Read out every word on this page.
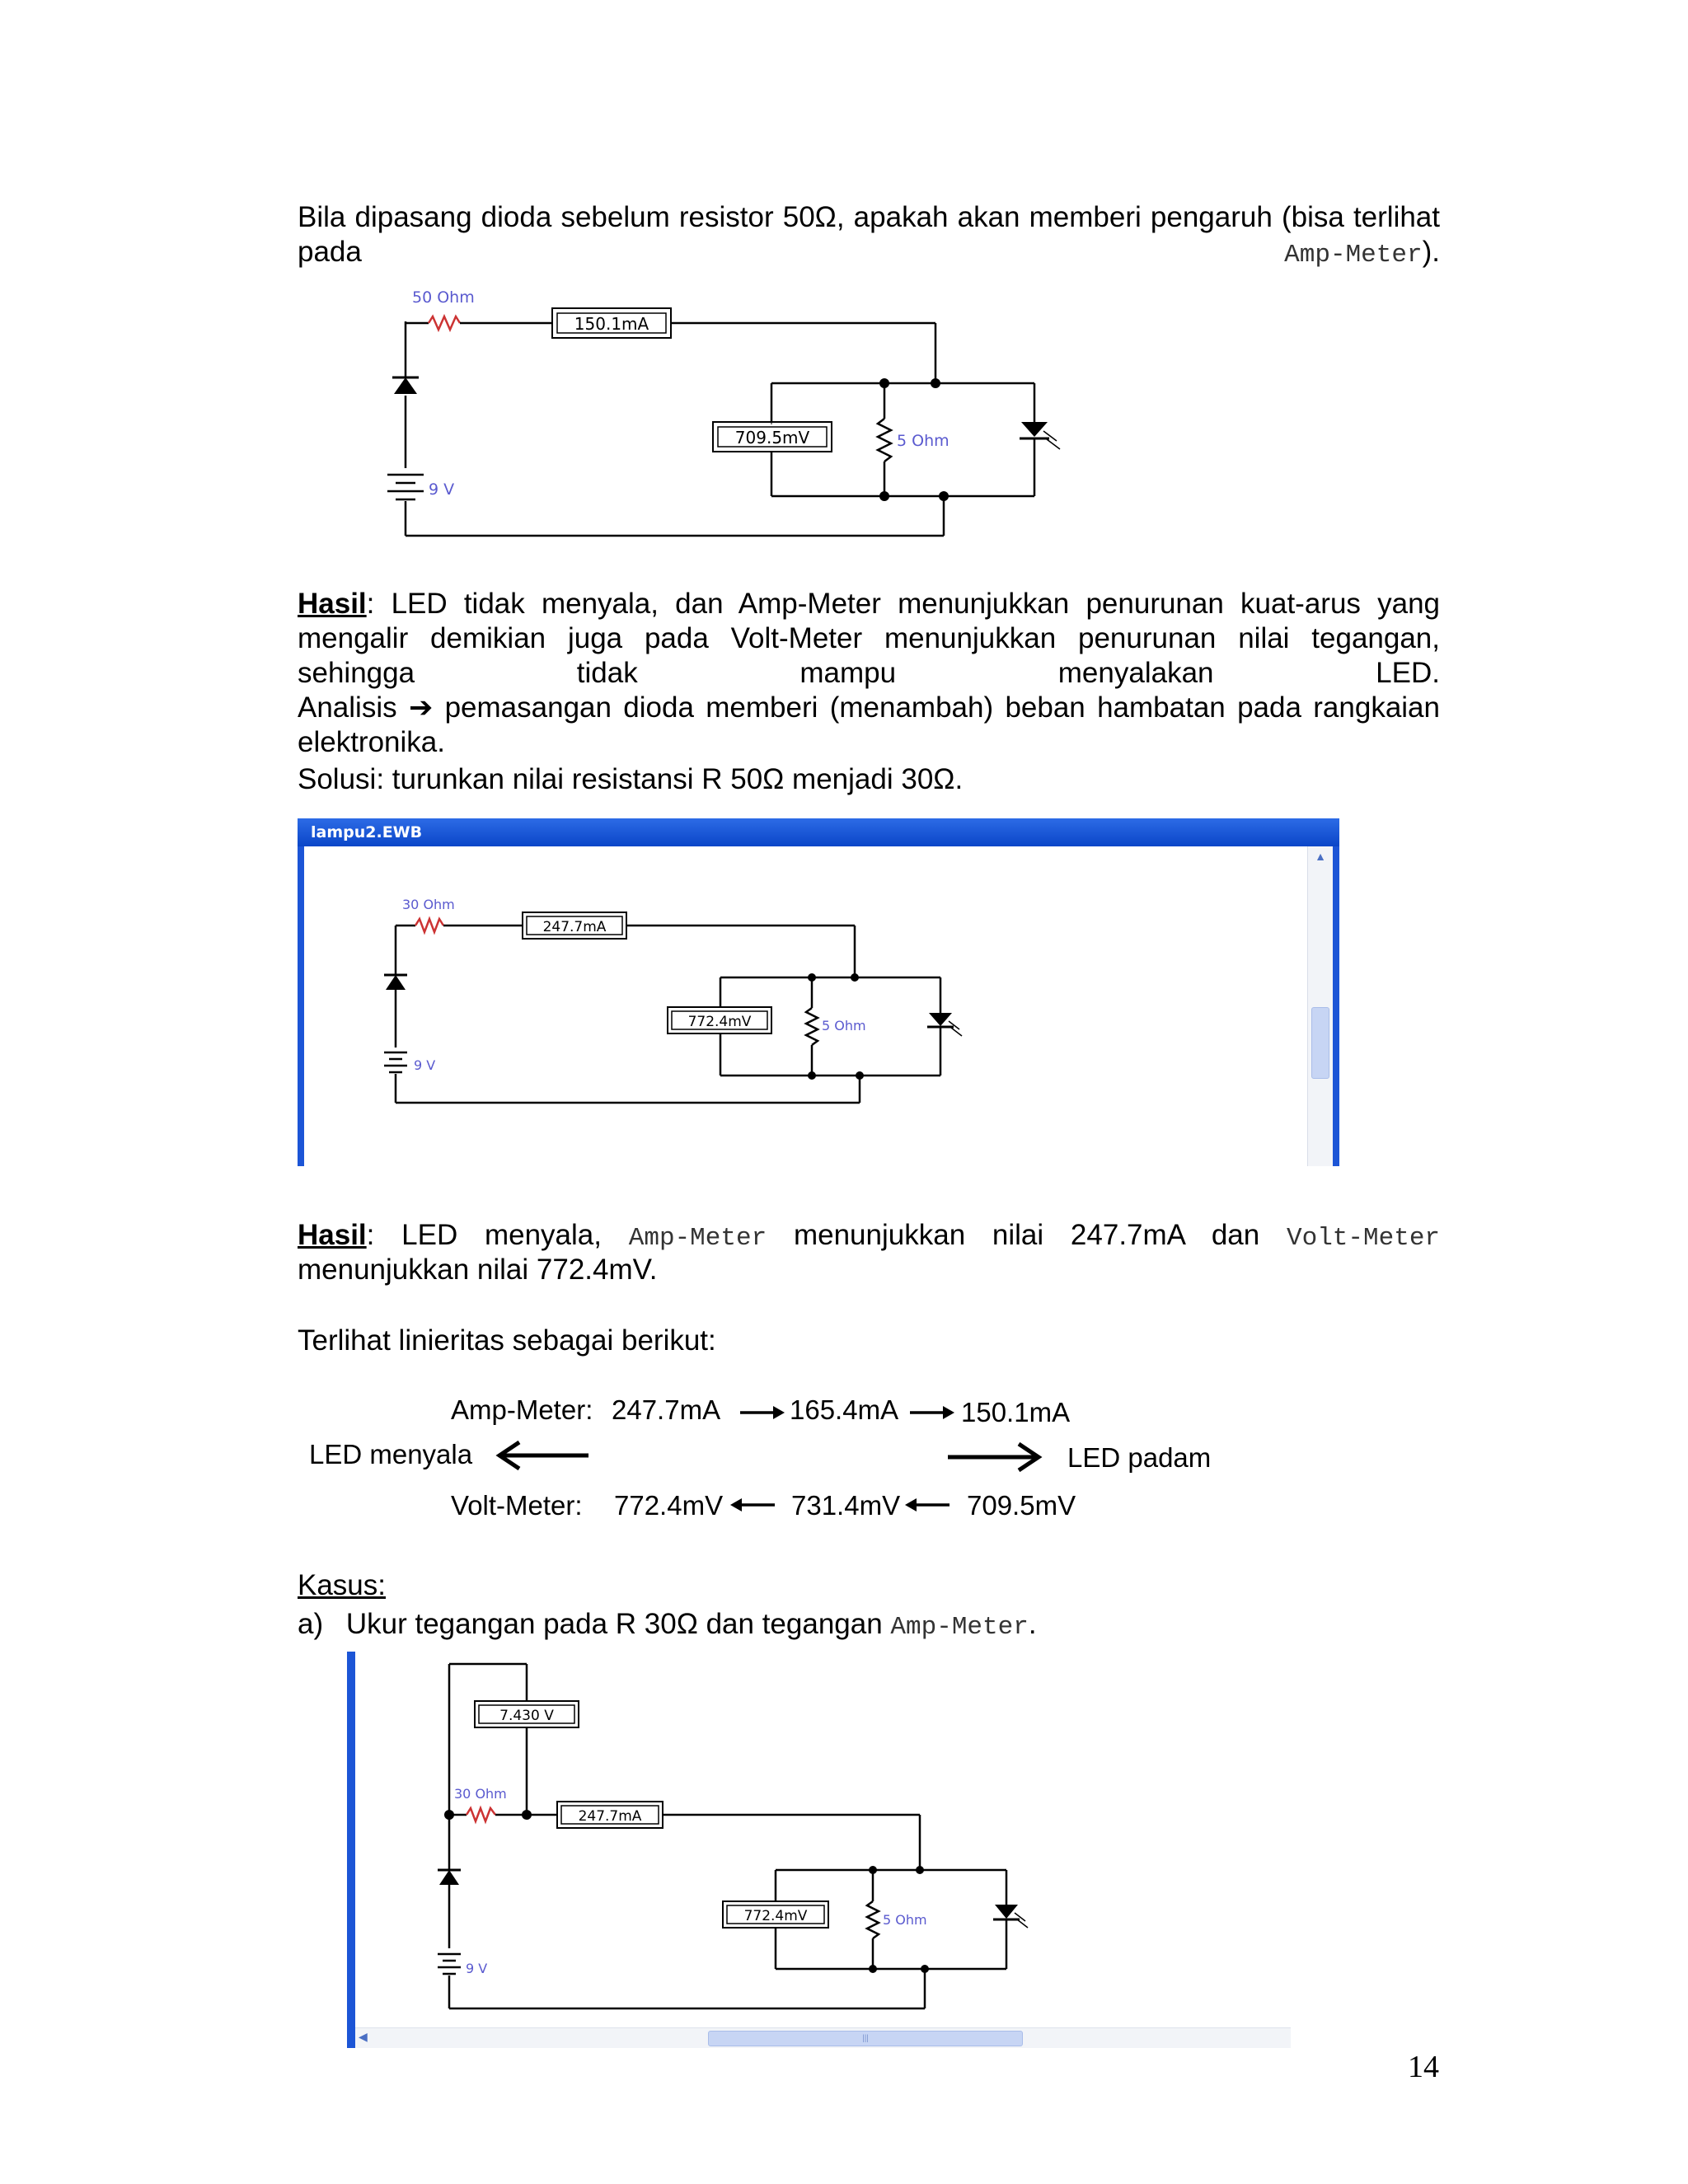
Bila dipasang dioda sebelum resistor 50Ω, apakah akan memberi pengaruh (bisa terlihat pada Amp-Meter).
150.1mA
709.5mV
50 Ohm
5 Ohm
9 V
Hasil: LED tidak menyala, dan Amp-Meter menunjukkan penurunan kuat-arus yang mengalir demikian juga pada Volt-Meter menunjukkan penurunan nilai tegangan, sehingga tidak mampu menyalakan LED.
Analisis ➔ pemasangan dioda memberi (menambah) beban hambatan pada rangkaian elektronika.
Solusi: turunkan nilai resistansi R 50Ω menjadi 30Ω.
lampu2.EWB
▲
247.7mA
772.4mV
30 Ohm
5 Ohm
9 V
Hasil: LED menyala, Amp-Meter menunjukkan nilai 247.7mA dan Volt-Meter
menunjukkan nilai 772.4mV.
Terlihat linieritas sebagai berikut:
Amp-Meter: 247.7mA	165.4mA 150.1mA
LED menyala	LED padam
Volt-Meter: 772.4mV	731.4mV 709.5mV
Kasus:
a) Ukur tegangan pada R 30Ω dan tegangan Amp-Meter.
7.430 V
247.7mA
772.4mV
30 Ohm
5 Ohm
9 V
◀	|||
14
